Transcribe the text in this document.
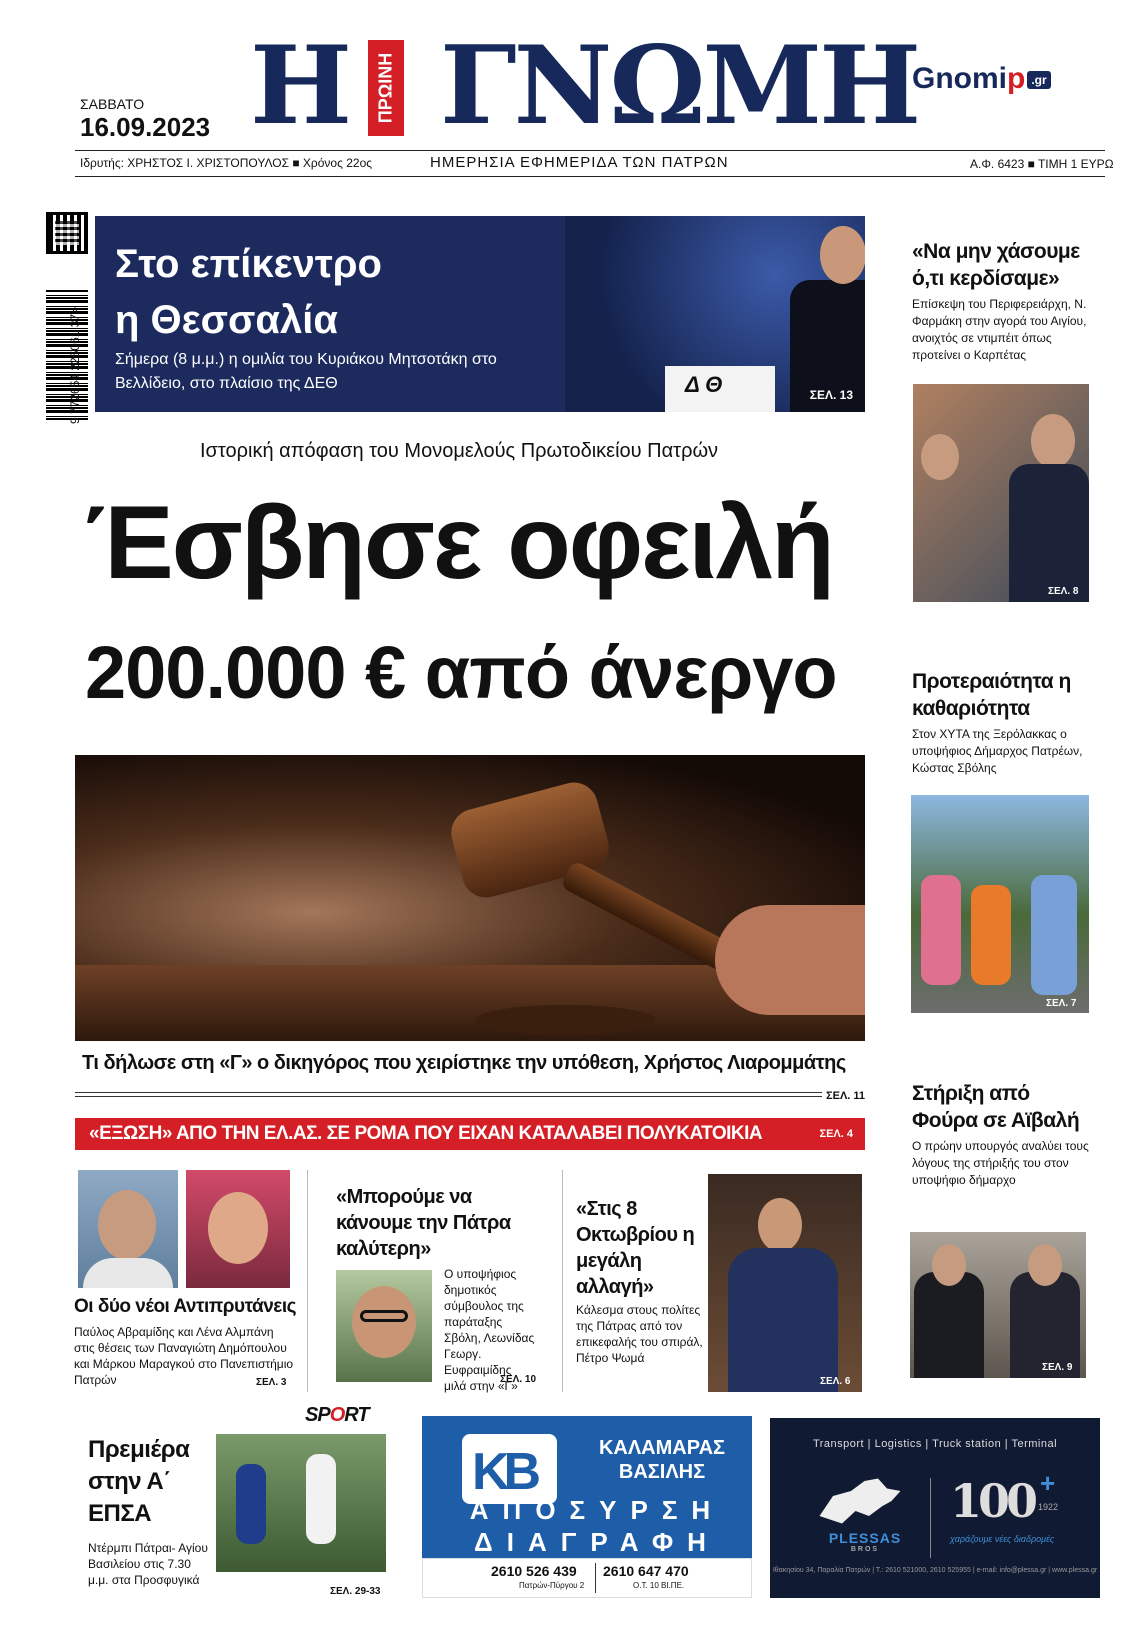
ΣΑΒΒΑΤΟ
16.09.2023 Η ΠΡΩΙΝΗ ΓΝΩΜΗ
Gnomip .gr
Ιδρυτής: ΧΡΗΣΤΟΣ Ι. ΧΡΙΣΤΟΠΟΥΛΟΣ ■ Χρόνος 22ος	ΗΜΕΡΗΣΙΑ ΕΦΗΜΕΡΙΔΑ ΤΩΝ ΠΑΤΡΩΝ	Α.Φ. 6423 ■ ΤΙΜΗ 1 ΕΥΡΩ
9 772654 225061 37>	Δ Θ
Στο επίκεντρο
η Θεσσαλία
Σήμερα (8 μ.μ.) η ομιλία του Κυριάκου Μητσοτάκη στο Βελλίδειο, στο πλαίσιο της ΔΕΘ
ΣΕΛ. 13
Ιστορική απόφαση του Μονομελούς Πρωτοδικείου Πατρών
Έσβησε οφειλή
200.000 € από άνεργο
Τι δήλωσε στη «Γ» ο δικηγόρος που χειρίστηκε την υπόθεση, Χρήστος Λιαρομμάτης
ΣΕΛ. 11
«ΕΞΩΣΗ» ΑΠΟ ΤΗΝ ΕΛ.ΑΣ. ΣΕ ΡΟΜΑ ΠΟΥ ΕΙΧΑΝ ΚΑΤΑΛΑΒΕΙ ΠΟΛΥΚΑΤΟΙΚΙΑ	ΣΕΛ. 4
Οι δύο νέοι Αντιπρυτάνεις
Παύλος Αβραμίδης και Λένα Αλμπάνη στις θέσεις των Παναγιώτη Δημόπουλου και Μάρκου Μαραγκού στο Πανεπιστήμιο Πατρών	ΣΕΛ. 3
«Μπορούμε να κάνουμε την Πάτρα καλύτερη»
Ο υποψήφιος δημοτικός σύμβουλος της παράταξης Σβόλη, Λεωνίδας Γεωργ. Ευφραιμίδης μιλά στην «Γ»
ΣΕΛ. 10
«Στις 8 Οκτωβρίου η μεγάλη αλλαγή»
Κάλεσμα στους πολίτες της Πάτρας από τον επικεφαλής του σπιράλ, Πέτρο Ψωμά
ΣΕΛ. 6
SPORT
Πρεμιέρα στην Α΄ ΕΠΣΑ
Ντέρμπι Πάτραι- Αγίου Βασιλείου στις 7.30 μ.μ. στα Προσφυγικά
ΣΕΛ. 29-33
«Να μην χάσουμε ό,τι κερδίσαμε»
Επίσκεψη του Περιφερειάρχη, Ν. Φαρμάκη στην αγορά του Αιγίου, ανοιχτός σε ντιμπέιτ όπως προτείνει ο Καρπέτας
ΣΕΛ. 8
Προτεραιότητα η καθαριότητα
Στον ΧΥΤΑ της Ξερόλακκας ο υποψήφιος Δήμαρχος Πατρέων, Κώστας Σβόλης
ΣΕΛ. 7
Στήριξη από Φούρα σε Αϊβαλή
Ο πρώην υπουργός αναλύει τους λόγους της στήριξής του στον υποψήφιο δήμαρχο
ΣΕΛ. 9
KB
ΚΑΛΑΜΑΡΑΣ ΒΑΣΙΛΗΣ
ΑΠΟΣΥΡΣΗ
ΔΙΑΓΡΑΦΗ
2610 526 439
Πατρών-Πύργου 2
2610 647 470
Ο.Τ. 10 ΒΙ.ΠΕ.
Transport | Logistics | Truck station | Terminal
PLESSAS
BROS
100 +
1922
χαράζουμε νέες διαδρομές
Ιθακησίου 34, Παραλία Πατρών | Τ.: 2610 521000, 2610 525955 | e-mail: info@plessa.gr | www.plessa.gr
